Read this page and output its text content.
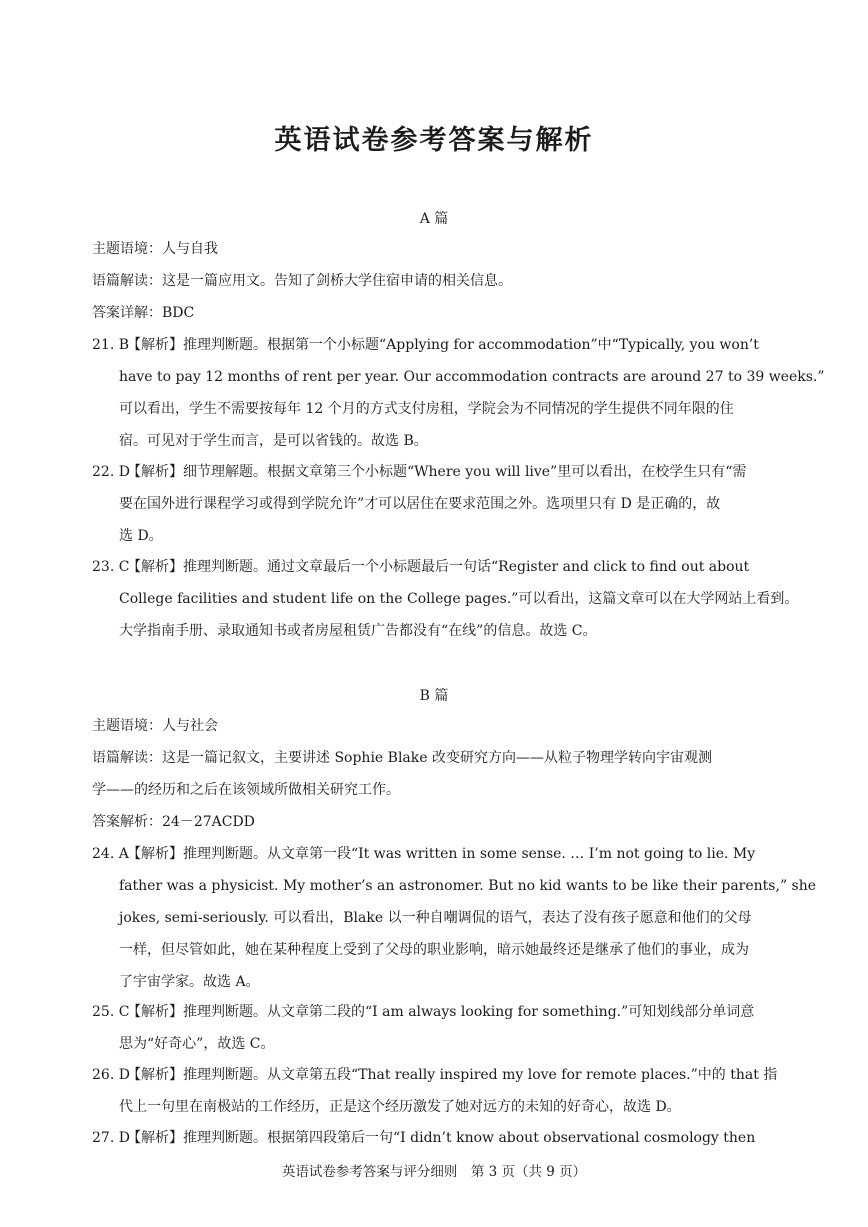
英语试卷参考答案与解析
A 篇
主题语境：人与自我
语篇解读：这是一篇应用文。告知了剑桥大学住宿申请的相关信息。
答案详解：BDC
21. B【解析】推理判断题。根据第一个小标题“Applying for accommodation”中“Typically, you won’t
have to pay 12 months of rent per year. Our accommodation contracts are around 27 to 39 weeks.”
可以看出，学生不需要按每年 12 个月的方式支付房租，学院会为不同情况的学生提供不同年限的住
宿。可见对于学生而言，是可以省钱的。故选 B。
22. D【解析】细节理解题。根据文章第三个小标题“Where you will live”里可以看出，在校学生只有“需
要在国外进行课程学习或得到学院允许”才可以居住在要求范围之外。选项里只有 D 是正确的，故
选 D。
23. C【解析】推理判断题。通过文章最后一个小标题最后一句话“Register and click to find out about
College facilities and student life on the College pages.”可以看出，这篇文章可以在大学网站上看到。
大学指南手册、录取通知书或者房屋租赁广告都没有“在线”的信息。故选 C。
B 篇
主题语境：人与社会
语篇解读：这是一篇记叙文，主要讲述 Sophie Blake 改变研究方向——从粒子物理学转向宇宙观测
学——的经历和之后在该领域所做相关研究工作。
答案解析：24－27ACDD
24. A【解析】推理判断题。从文章第一段“It was written in some sense. … I’m not going to lie. My
father was a physicist. My mother’s an astronomer. But no kid wants to be like their parents,” she
jokes, semi-seriously. 可以看出，Blake 以一种自嘲调侃的语气，表达了没有孩子愿意和他们的父母
一样，但尽管如此，她在某种程度上受到了父母的职业影响，暗示她最终还是继承了他们的事业，成为
了宇宙学家。故选 A。
25. C【解析】推理判断题。从文章第二段的“I am always looking for something.”可知划线部分单词意
思为“好奇心”，故选 C。
26. D【解析】推理判断题。从文章第五段“That really inspired my love for remote places.”中的 that 指
代上一句里在南极站的工作经历，正是这个经历激发了她对远方的未知的好奇心，故选 D。
27. D【解析】推理判断题。根据第四段第后一句“I didn’t know about observational cosmology then
英语试卷参考答案与评分细则　第 3 页（共 9 页）
